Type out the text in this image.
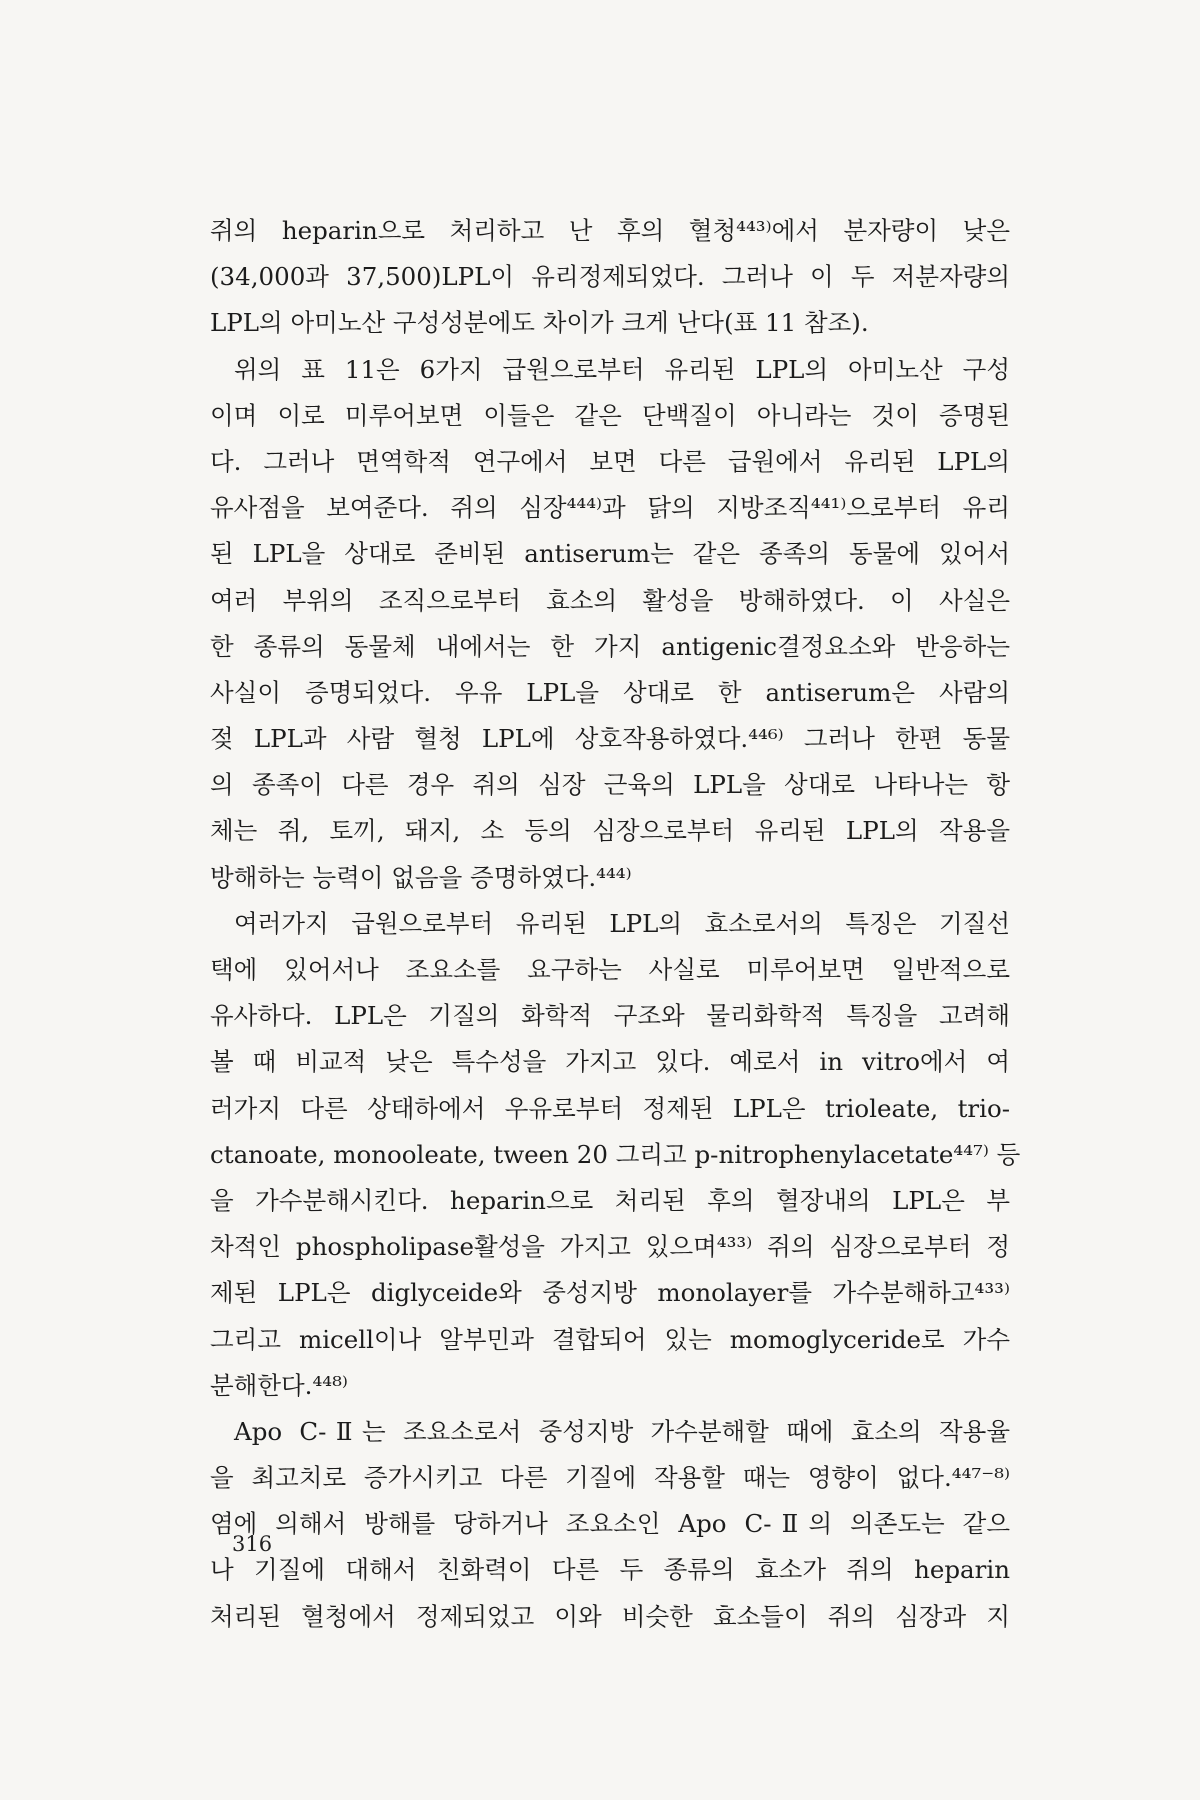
쥐의 heparin으로 처리하고 난 후의 혈청⁴⁴³⁾에서 분자량이 낮은
(34,000과 37,500)LPL이 유리정제되었다. 그러나 이 두 저분자량의
LPL의 아미노산 구성성분에도 차이가 크게 난다(표 11 참조).
위의 표 11은 6가지 급원으로부터 유리된 LPL의 아미노산 구성
이며 이로 미루어보면 이들은 같은 단백질이 아니라는 것이 증명된
다. 그러나 면역학적 연구에서 보면 다른 급원에서 유리된 LPL의
유사점을 보여준다. 쥐의 심장⁴⁴⁴⁾과 닭의 지방조직⁴⁴¹⁾으로부터 유리
된 LPL을 상대로 준비된 antiserum는 같은 종족의 동물에 있어서
여러 부위의 조직으로부터 효소의 활성을 방해하였다. 이 사실은
한 종류의 동물체 내에서는 한 가지 antigenic결정요소와 반응하는
사실이 증명되었다. 우유 LPL을 상대로 한 antiserum은 사람의
젖 LPL과 사람 혈청 LPL에 상호작용하였다.⁴⁴⁶⁾ 그러나 한편 동물
의 종족이 다른 경우 쥐의 심장 근육의 LPL을 상대로 나타나는 항
체는 쥐, 토끼, 돼지, 소 등의 심장으로부터 유리된 LPL의 작용을
방해하는 능력이 없음을 증명하였다.⁴⁴⁴⁾
여러가지 급원으로부터 유리된 LPL의 효소로서의 특징은 기질선
택에 있어서나 조요소를 요구하는 사실로 미루어보면 일반적으로
유사하다. LPL은 기질의 화학적 구조와 물리화학적 특징을 고려해
볼 때 비교적 낮은 특수성을 가지고 있다. 예로서 in vitro에서 여
러가지 다른 상태하에서 우유로부터 정제된 LPL은 trioleate, trio-
ctanoate, monooleate, tween 20 그리고 p-nitrophenylacetate⁴⁴⁷⁾ 등
을 가수분해시킨다. heparin으로 처리된 후의 혈장내의 LPL은 부
차적인 phospholipase활성을 가지고 있으며⁴³³⁾ 쥐의 심장으로부터 정
제된 LPL은 diglyceide와 중성지방 monolayer를 가수분해하고⁴³³⁾
그리고 micell이나 알부민과 결합되어 있는 momoglyceride로 가수
분해한다.⁴⁴⁸⁾
Apo C-Ⅱ는 조요소로서 중성지방 가수분해할 때에 효소의 작용율
을 최고치로 증가시키고 다른 기질에 작용할 때는 영향이 없다.⁴⁴⁷⁻⁸⁾
염에 의해서 방해를 당하거나 조요소인 Apo C-Ⅱ의 의존도는 같으
나 기질에 대해서 친화력이 다른 두 종류의 효소가 쥐의 heparin
처리된 혈청에서 정제되었고 이와 비슷한 효소들이 쥐의 심장과 지
316
